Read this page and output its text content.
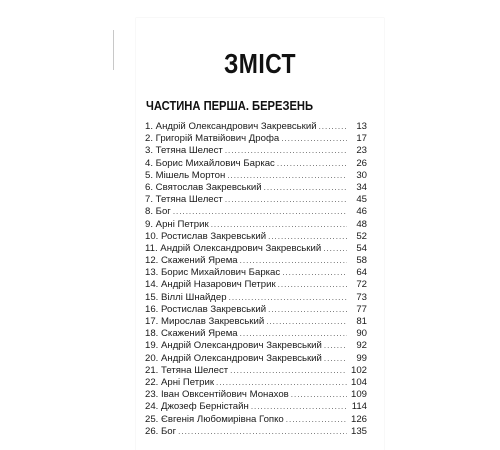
ЗМІСТ
ЧАСТИНА ПЕРША. БЕРЕЗЕНЬ
1. Андрій Олександрович Закревський .....	13
2. Григорій Матвійович Дрофа .....	17
3. Тетяна Шелест .....	23
4. Борис Михайлович Баркас .....	26
5. Мішель Мортон .....	30
6. Святослав Закревський .....	34
7. Тетяна Шелест .....	45
8. Бог .....	46
9. Арні Петрик .....	48
10. Ростислав Закревський .....	52
11. Андрій Олександрович Закревський .....	54
12. Скажений Ярема .....	58
13. Борис Михайлович Баркас .....	64
14. Андрій Назарович Петрик .....	72
15. Віллі Шнайдер .....	73
16. Ростислав Закревський .....	77
17. Мирослав Закревський .....	81
18. Скажений Ярема .....	90
19. Андрій Олександрович Закревський .....	92
20. Андрій Олександрович Закревський .....	99
21. Тетяна Шелест .....	102
22. Арні Петрик .....	104
23. Іван Овксентійович Монахов .....	109
24. Джозеф Берністайн .....	114
25. Євгенія Любомирівна Гопко .....	126
26. Бог .....	135
